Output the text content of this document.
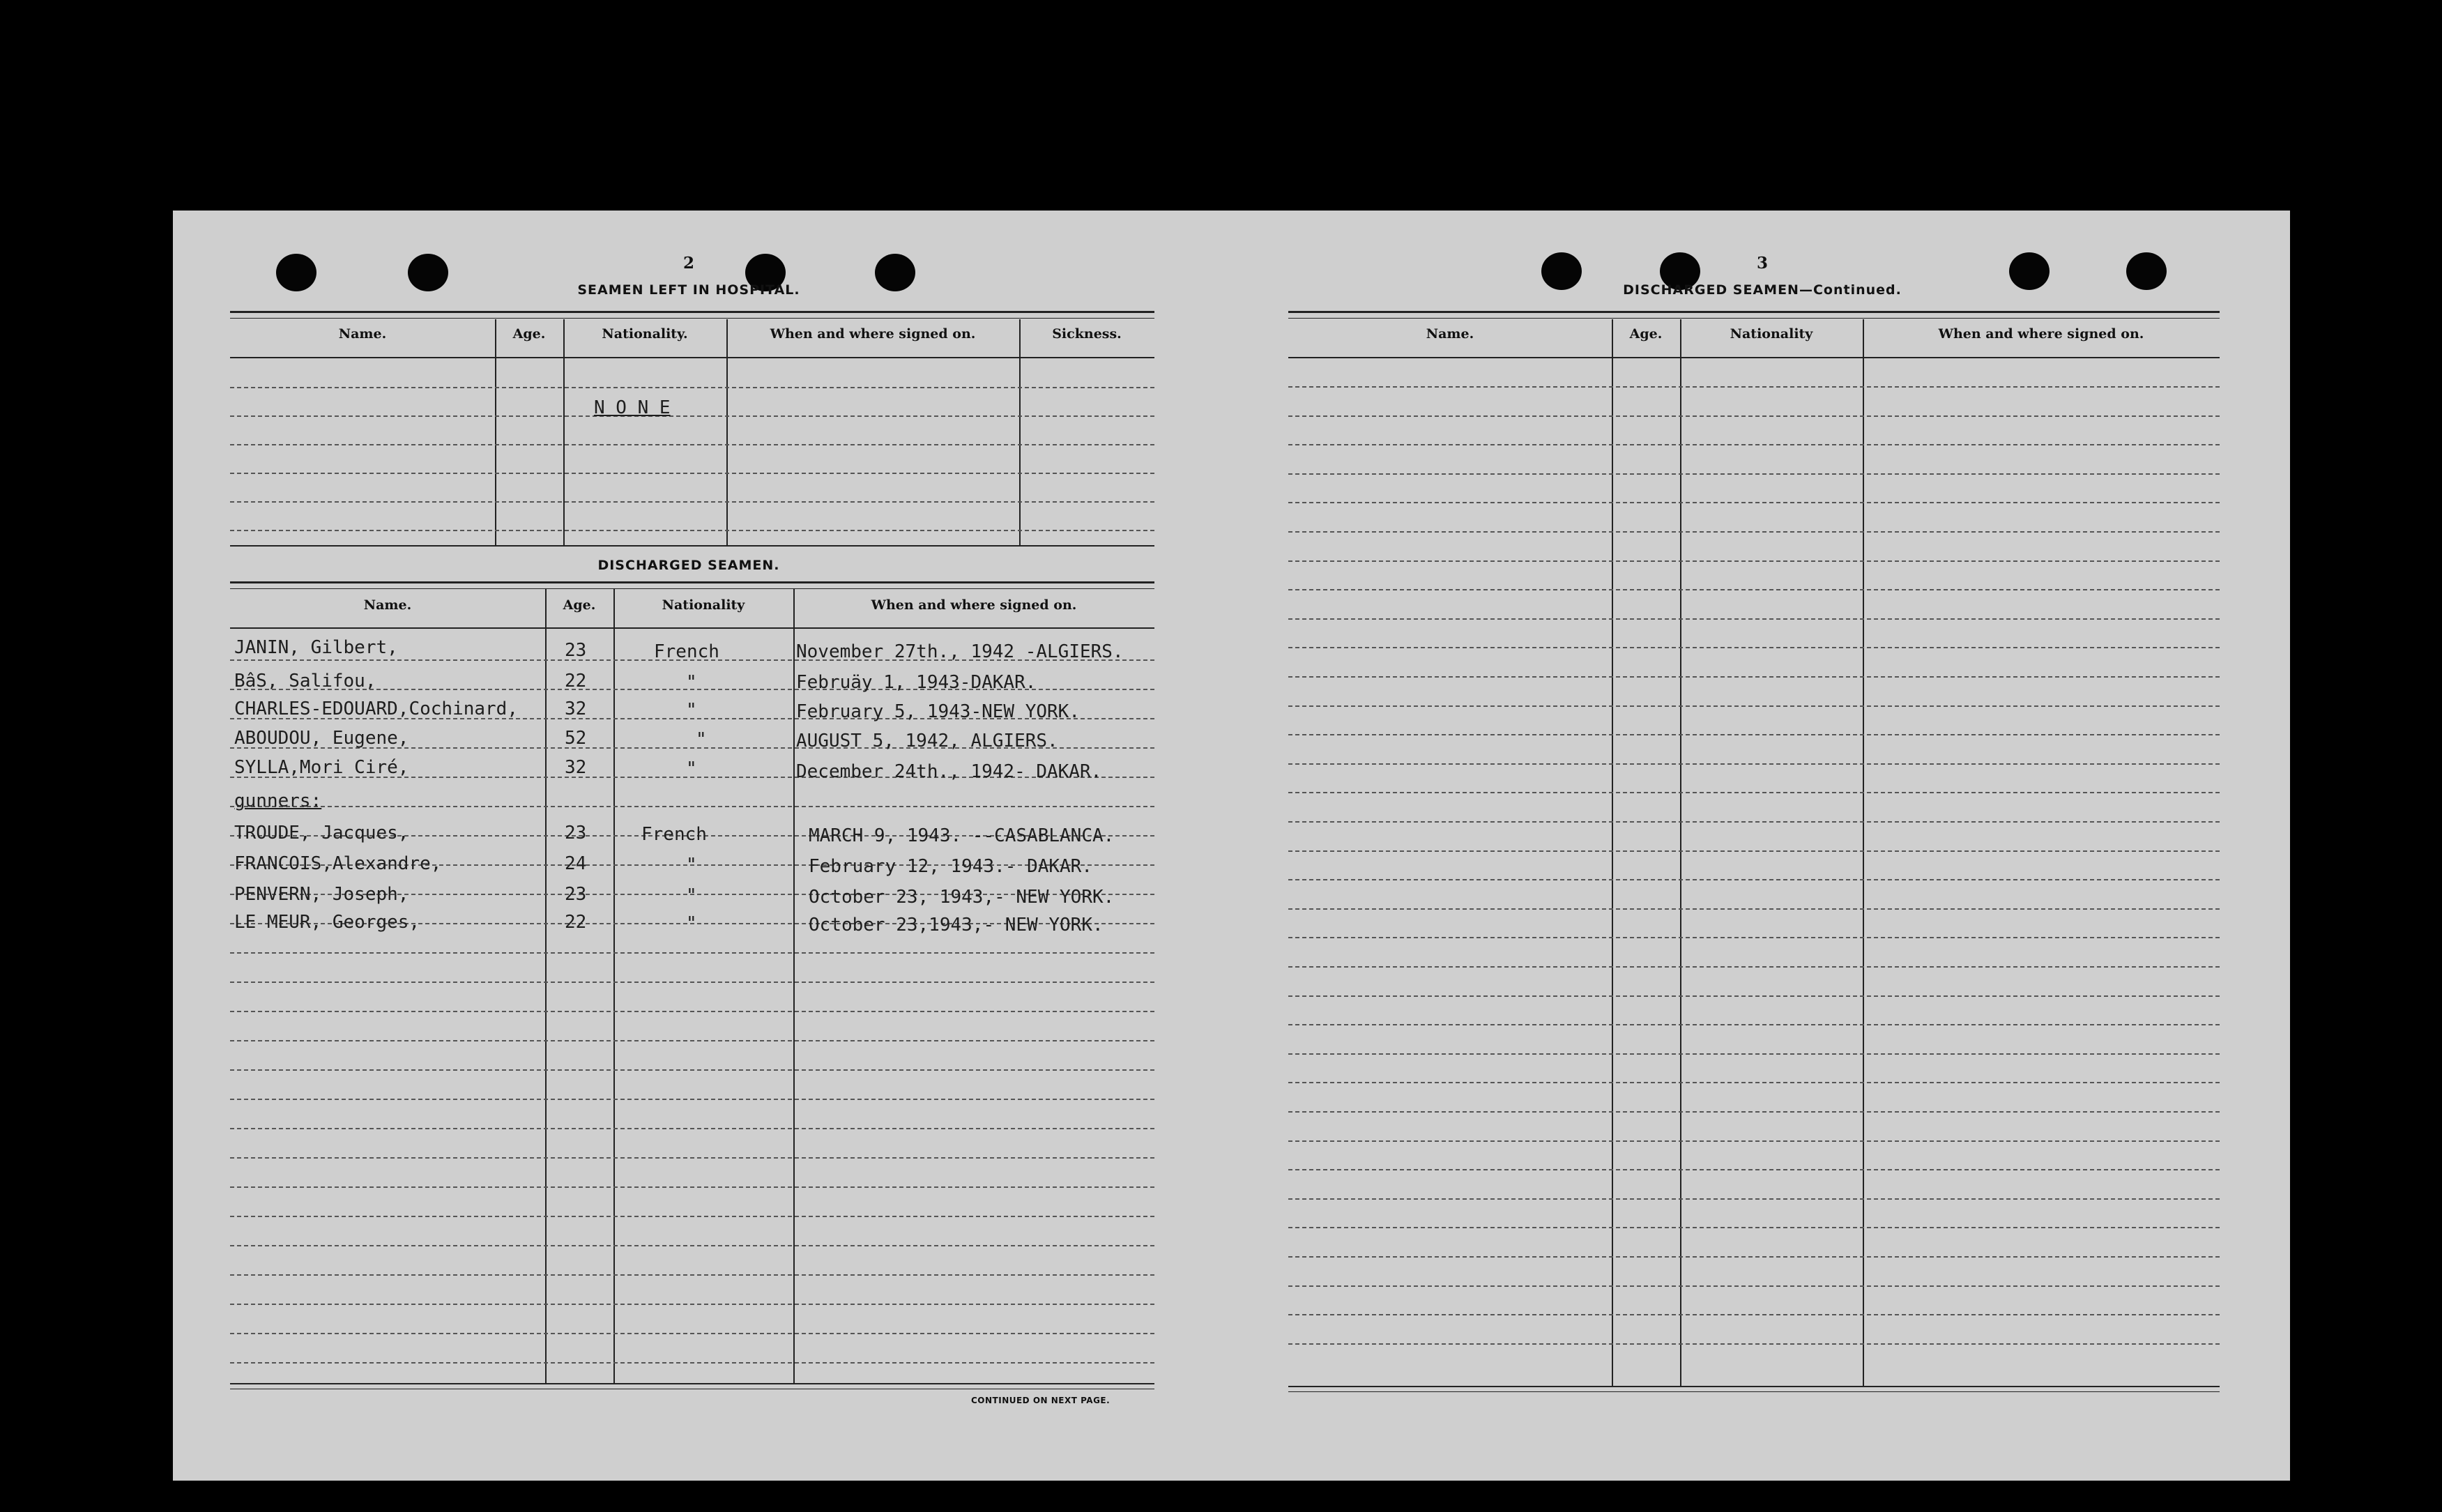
2
SEAMEN LEFT IN HOSPITAL.
Name.	Age.	Nationality.	When and where signed on.	Sickness.
N O N E
DISCHARGED SEAMEN.
Name.	Age.	Nationality	When and where signed on.
CONTINUED ON NEXT PAGE.
JANIN, Gilbert,	23	French	November 27th., 1942 -ALGIERS.
BâS, Salifou,	22	"	Februäy 1, 1943-DAKAR.
CHARLES-EDOUARD,Cochinard,	32	"	February 5, 1943-NEW YORK.
ABOUDOU, Eugene,	52	"	AUGUST 5, 1942, ALGIERS.
SYLLA,Mori Ciré,	32	"	December 24th., 1942- DAKAR.
gunners:
TROUDE, Jacques,	23	French	MARCH 9, 1943. --CASABLANCA.
FRANCOIS,Alexandre,	24	"	February 12, 1943.- DAKAR.
PENVERN, Joseph,	23	"	October 23, 1943,- NEW YORK.
LE MEUR, Georges,	22	"	October 23,1943,- NEW YORK.
3
DISCHARGED SEAMEN—Continued.
Name.	Age.	Nationality	When and where signed on.
